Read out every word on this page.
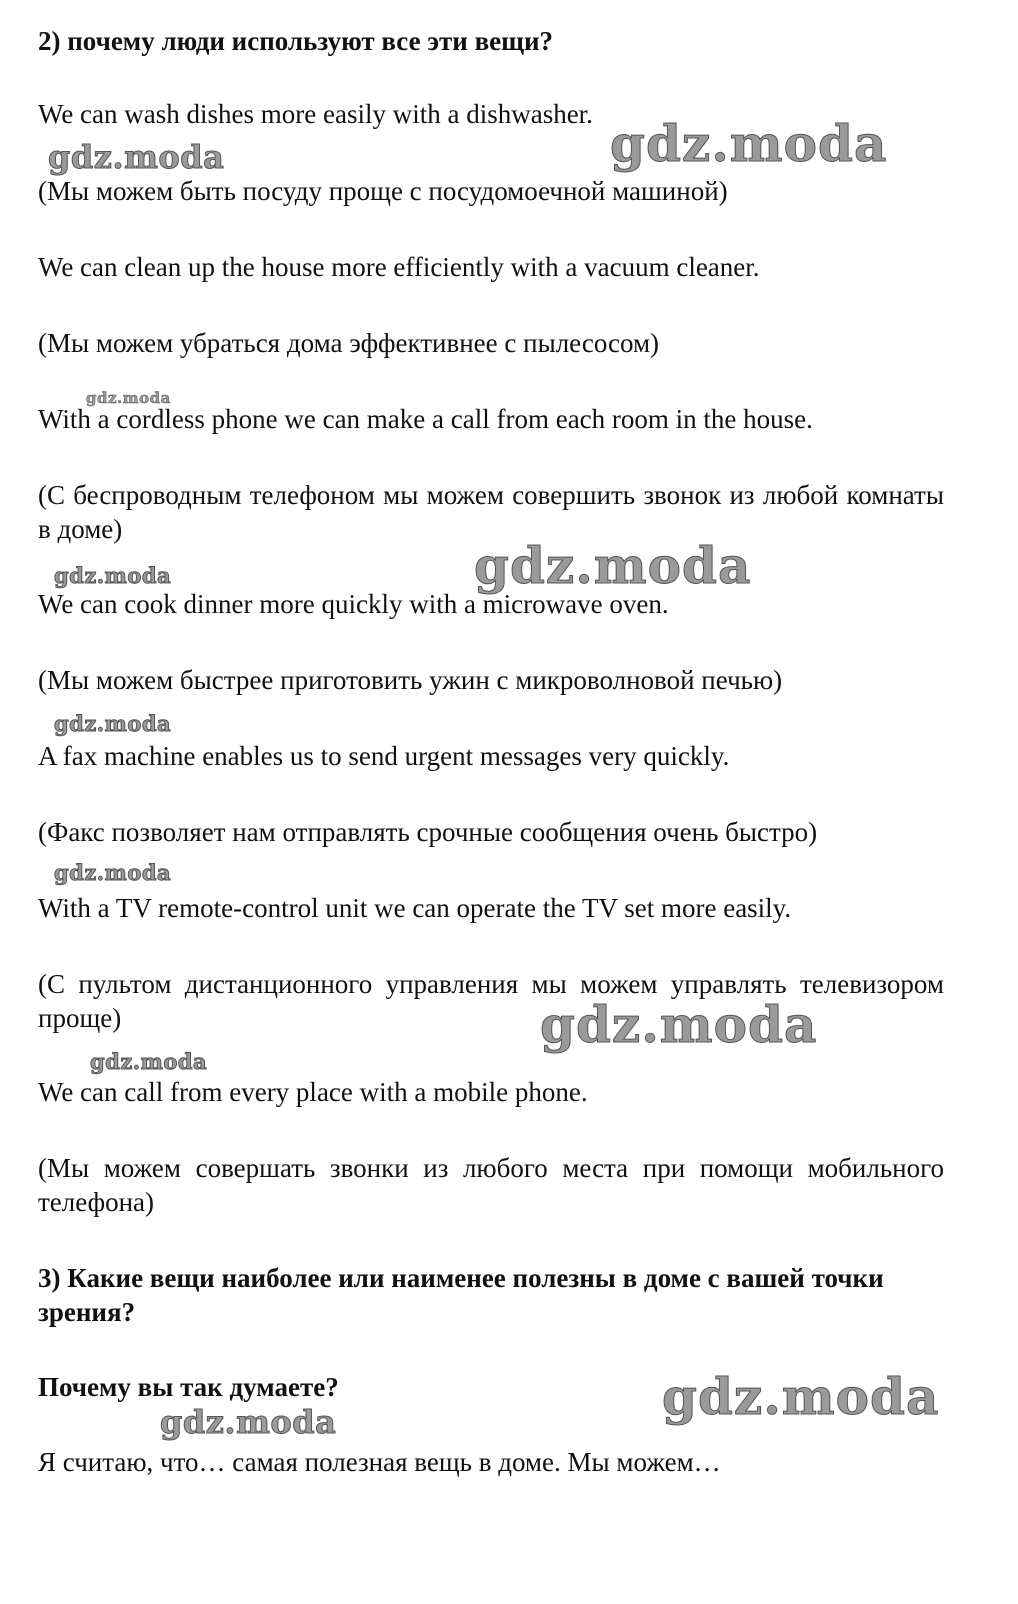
2) почему люди используют все эти вещи?
We can wash dishes more easily with a dishwasher.
(Мы можем быть посуду проще с посудомоечной машиной)
We can clean up the house more efficiently with a vacuum cleaner.
(Мы можем убраться дома эффективнее с пылесосом)
With a cordless phone we can make a call from each room in the house.
(С беспроводным телефоном мы можем совершить звонок из любой комнаты в доме)
We can cook dinner more quickly with a microwave oven.
(Мы можем быстрее приготовить ужин с микроволновой печью)
A fax machine enables us to send urgent messages very quickly.
(Факс позволяет нам отправлять срочные сообщения очень быстро)
With a TV remote-control unit we can operate the TV set more easily.
(С пультом дистанционного управления мы можем управлять телевизором проще)
We can call from every place with a mobile phone.
(Мы можем совершать звонки из любого места при помощи мобильного телефона)
3) Какие вещи наиболее или наименее полезны в доме с вашей точки зрения?
Почему вы так думаете?
Я считаю, что… самая полезная вещь в доме. Мы можем…
gdz.moda	gdz.moda
gdz.moda
gdz.moda	gdz.moda
gdz.moda
gdz.moda
gdz.moda
gdz.moda
gdz.moda
gdz.moda
